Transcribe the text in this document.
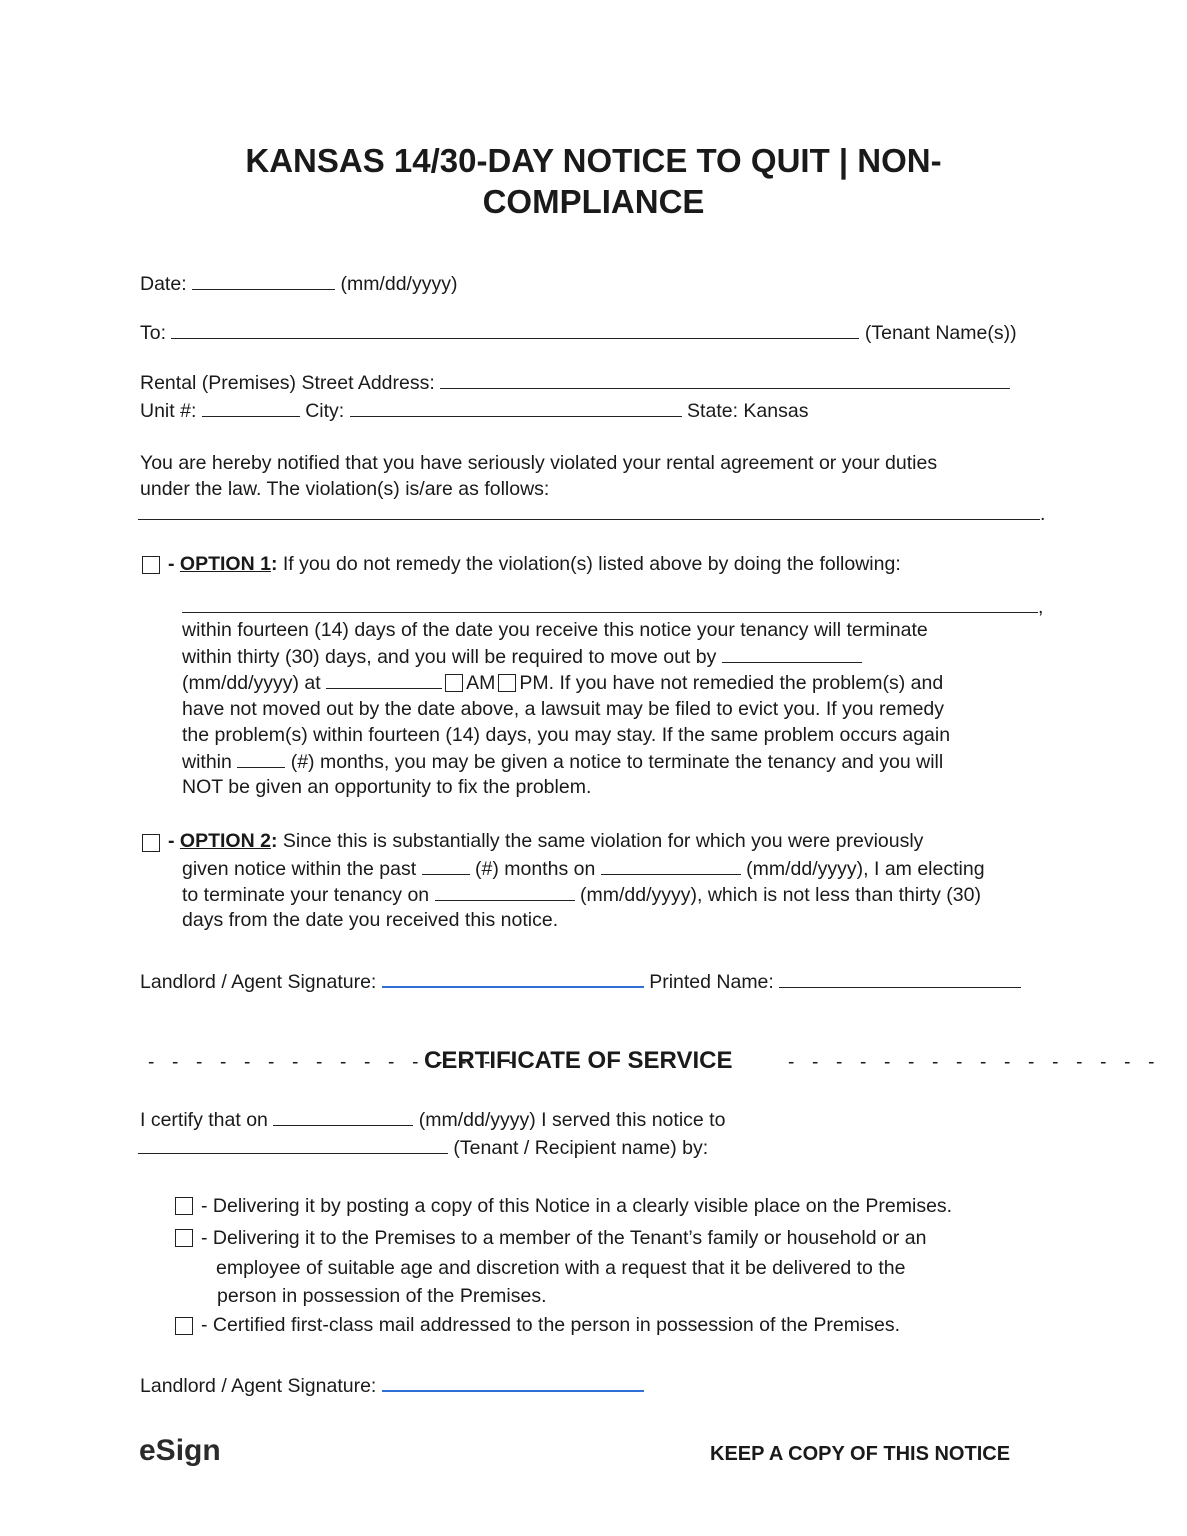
KANSAS 14/30-DAY NOTICE TO QUIT | NON-
COMPLIANCE
Date:	(mm/dd/yyyy)
To:	(Tenant Name(s))
Rental (Premises) Street Address:
Unit #:	City:	State: Kansas
You are hereby notified that you have seriously violated your rental agreement or your duties
under the law. The violation(s) is/are as follows:
.
- OPTION 1: If you do not remedy the violation(s) listed above by doing the following:
,
within fourteen (14) days of the date you receive this notice your tenancy will terminate
within thirty (30) days, and you will be required to move out by
(mm/dd/yyyy) at	AM PM. If you have not remedied the problem(s) and
have not moved out by the date above, a lawsuit may be filed to evict you. If you remedy
the problem(s) within fourteen (14) days, you may stay. If the same problem occurs again
within	(#) months, you may be given a notice to terminate the tenancy and you will
NOT be given an opportunity to fix the problem.
- OPTION 2: Since this is substantially the same violation for which you were previously
given notice within the past	(#) months on	(mm/dd/yyyy), I am electing
to terminate your tenancy on	(mm/dd/yyyy), which is not less than thirty (30)
days from the date you received this notice.
Landlord / Agent Signature:	Printed Name:
- - - - - - - - - - - - - - - -
CERTIFICATE OF SERVICE	- - - - - - - - - - - - - - - -
I certify that on	(mm/dd/yyyy) I served this notice to
(Tenant / Recipient name) by:
- Delivering it by posting a copy of this Notice in a clearly visible place on the Premises.
- Delivering it to the Premises to a member of the Tenant’s family or household or an
employee of suitable age and discretion with a request that it be delivered to the
person in possession of the Premises.
- Certified first-class mail addressed to the person in possession of the Premises.
Landlord / Agent Signature:
eSign	KEEP A COPY OF THIS NOTICE
